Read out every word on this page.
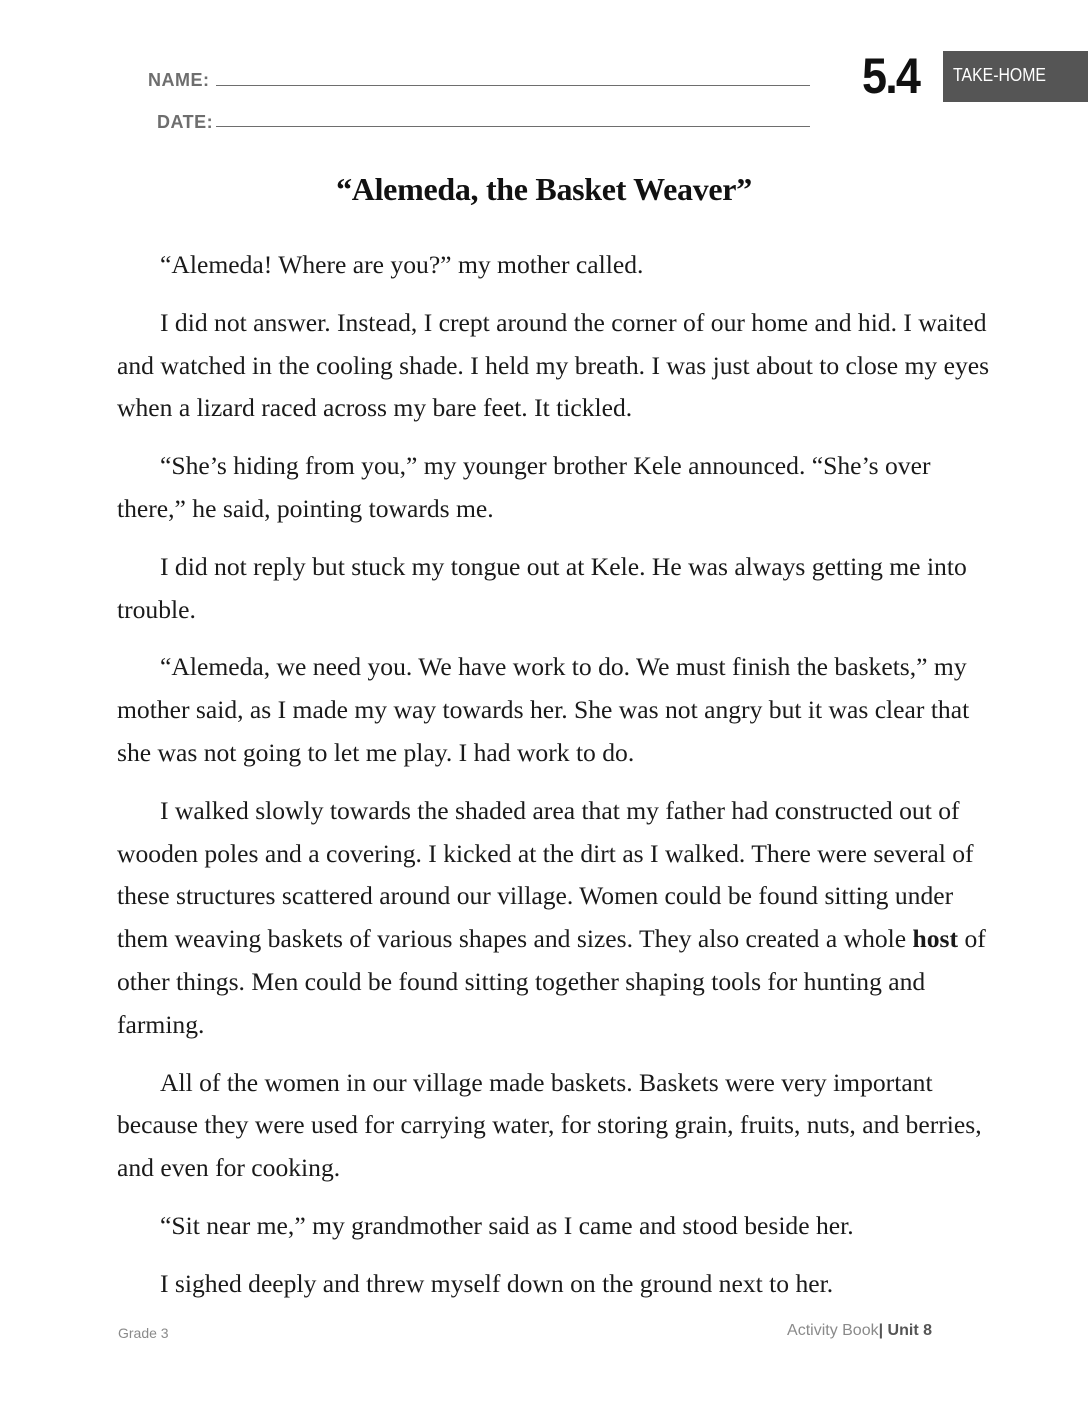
NAME:
DATE:
5.4 TAKE-HOME
“Alemeda, the Basket Weaver”

“Alemeda! Where are you?” my mother called.

I did not answer. Instead, I crept around the corner of our home and hid. I waited and watched in the cooling shade. I held my breath. I was just about to close my eyes when a lizard raced across my bare feet. It tickled.

“She’s hiding from you,” my younger brother Kele announced. “She’s over there,” he said, pointing towards me.

I did not reply but stuck my tongue out at Kele. He was always getting me into trouble.

“Alemeda, we need you. We have work to do. We must finish the baskets,” my mother said, as I made my way towards her. She was not angry but it was clear that she was not going to let me play. I had work to do.

I walked slowly towards the shaded area that my father had constructed out of wooden poles and a covering. I kicked at the dirt as I walked. There were several of these structures scattered around our village. Women could be found sitting under them weaving baskets of various shapes and sizes. They also created a whole host of other things. Men could be found sitting together shaping tools for hunting and farming.

All of the women in our village made baskets. Baskets were very important because they were used for carrying water, for storing grain, fruits, nuts, and berries, and even for cooking.

“Sit near me,” my grandmother said as I came and stood beside her.

I sighed deeply and threw myself down on the ground next to her.

Grade 3	Activity Book| Unit 8
